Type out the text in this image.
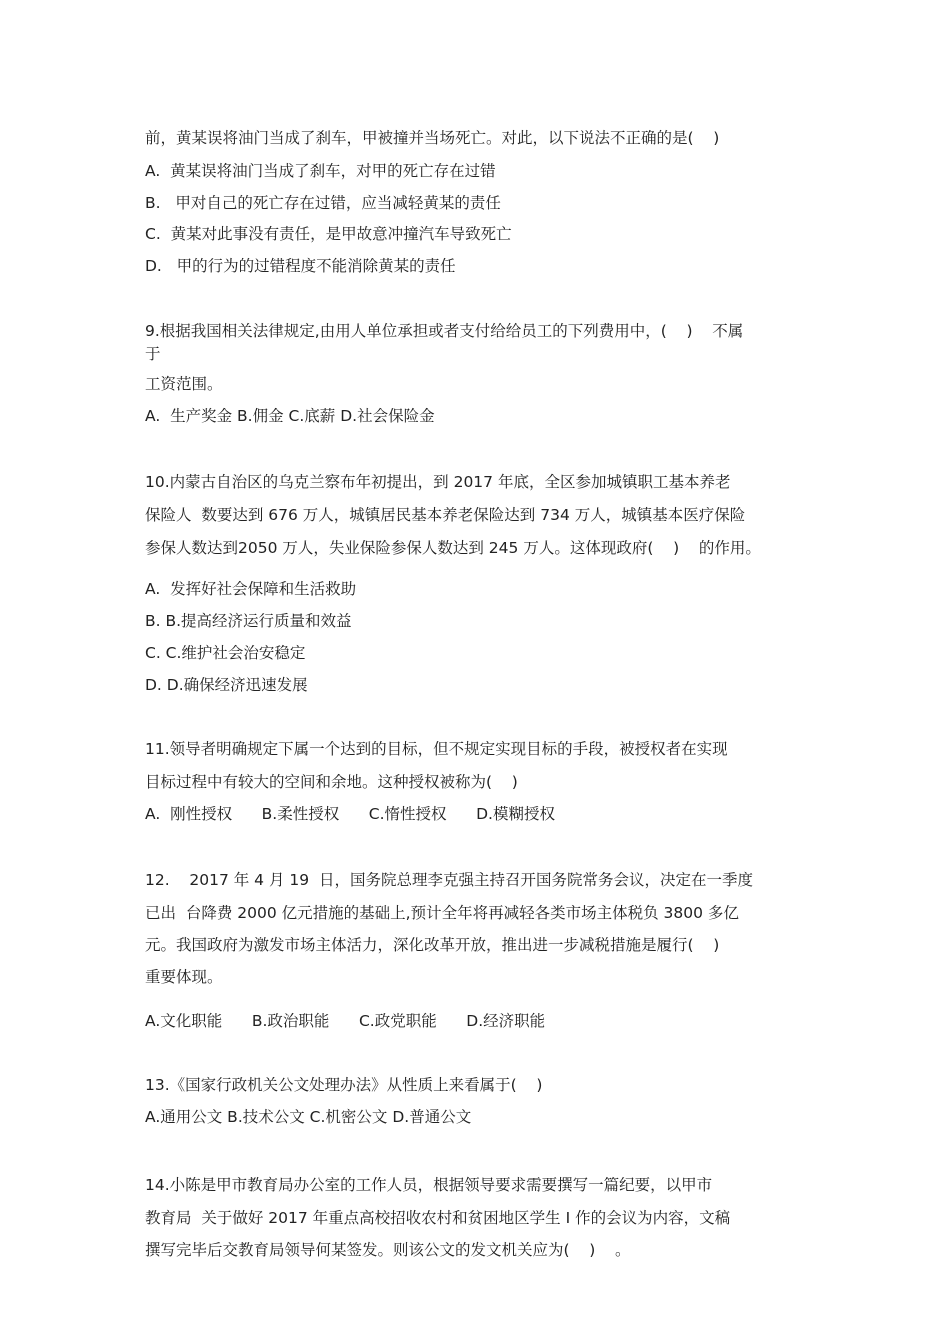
前，黄某误将油门当成了刹车，甲被撞并当场死亡。对此，以下说法不正确的是(    )
A.  黄某误将油门当成了刹车，对甲的死亡存在过错
B.   甲对自己的死亡存在过错，应当减轻黄某的责任
C.  黄某对此事没有责任，是甲故意冲撞汽车导致死亡
D.   甲的行为的过错程度不能消除黄某的责任
9.根据我国相关法律规定,由用人单位承担或者支付给给员工的下列费用中，(    )    不属
于
工资范围。
A.  生产奖金 B.佣金 C.底薪 D.社会保险金
10.内蒙古自治区的乌克兰察布年初提出，到 2017 年底，全区参加城镇职工基本养老
保险人  数要达到 676 万人，城镇居民基本养老保险达到 734 万人，城镇基本医疗保险
参保人数达到2050 万人，失业保险参保人数达到 245 万人。这体现政府(    )    的作用。
A.  发挥好社会保障和生活救助
B. B.提高经济运行质量和效益
C. C.维护社会治安稳定
D. D.确保经济迅速发展
11.领导者明确规定下属一个达到的目标，但不规定实现目标的手段，被授权者在实现
目标过程中有较大的空间和余地。这种授权被称为(    )
A.  刚性授权      B.柔性授权      C.惰性授权      D.模糊授权
12.    2017 年 4 月 19  日，国务院总理李克强主持召开国务院常务会议，决定在一季度
已出  台降费 2000 亿元措施的基础上,预计全年将再减轻各类市场主体税负 3800 多亿
元。我国政府为激发市场主体活力，深化改革开放，推出进一步减税措施是履行(    )
重要体现。
A.文化职能      B.政治职能      C.政党职能      D.经济职能
13.《国家行政机关公文处理办法》从性质上来看属于(    )
A.通用公文 B.技术公文 C.机密公文 D.普通公文
14.小陈是甲市教育局办公室的工作人员，根据领导要求需要撰写一篇纪要，以甲市
教育局  关于做好 2017 年重点高校招收农村和贫困地区学生 I 作的会议为内容，文稿
撰写完毕后交教育局领导何某签发。则该公文的发文机关应为(    )    。
